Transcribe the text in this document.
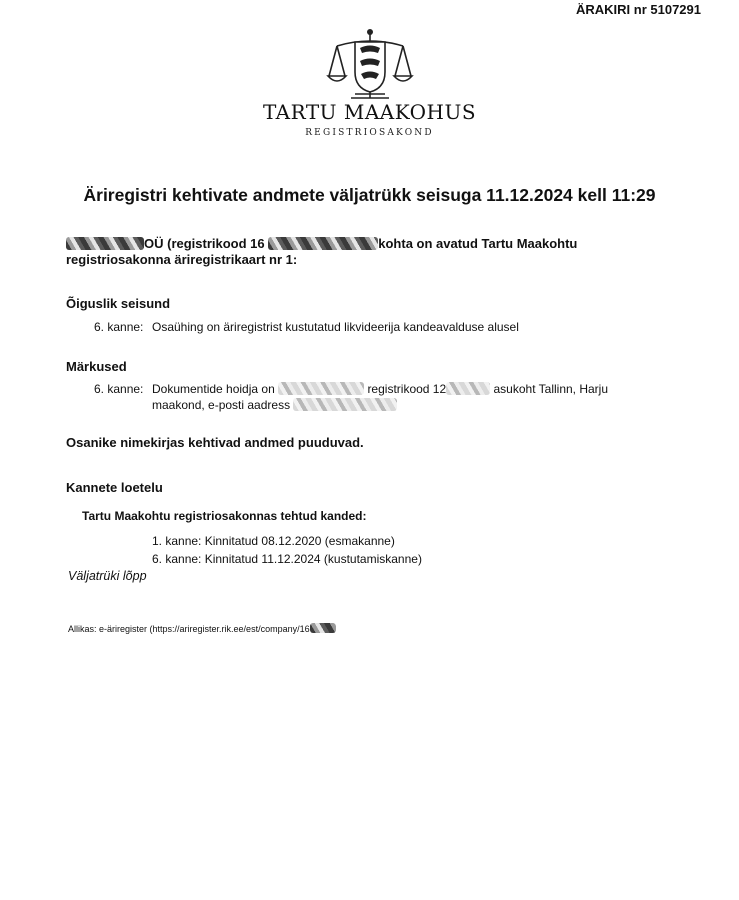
ÄRAKIRI nr 5107291
TARTU MAAKOHUS
REGISTRIOSAKOND
Äriregistri kehtivate andmete väljatrükk seisuga 11.12.2024 kell 11:29
OÜ (registrikood 16	kohta on avatud Tartu Maakohtu
registriosakonna äriregistrikaart nr 1:
Õiguslik seisund
6. kanne: Osaühing on äriregistrist kustutatud likvideerija kandeavalduse alusel
Märkused
6. kanne: Dokumentide hoidja on	registrikood 12	asukoht Tallinn, Harju
maakond, e-posti aadress
Osanike nimekirjas kehtivad andmed puuduvad.
Kannete loetelu
Tartu Maakohtu registriosakonnas tehtud kanded:
1. kanne: Kinnitatud 08.12.2020 (esmakanne)
6. kanne: Kinnitatud 11.12.2024 (kustutamiskanne)
Väljatrüki lõpp
Allikas: e-äriregister (https://ariregister.rik.ee/est/company/16
